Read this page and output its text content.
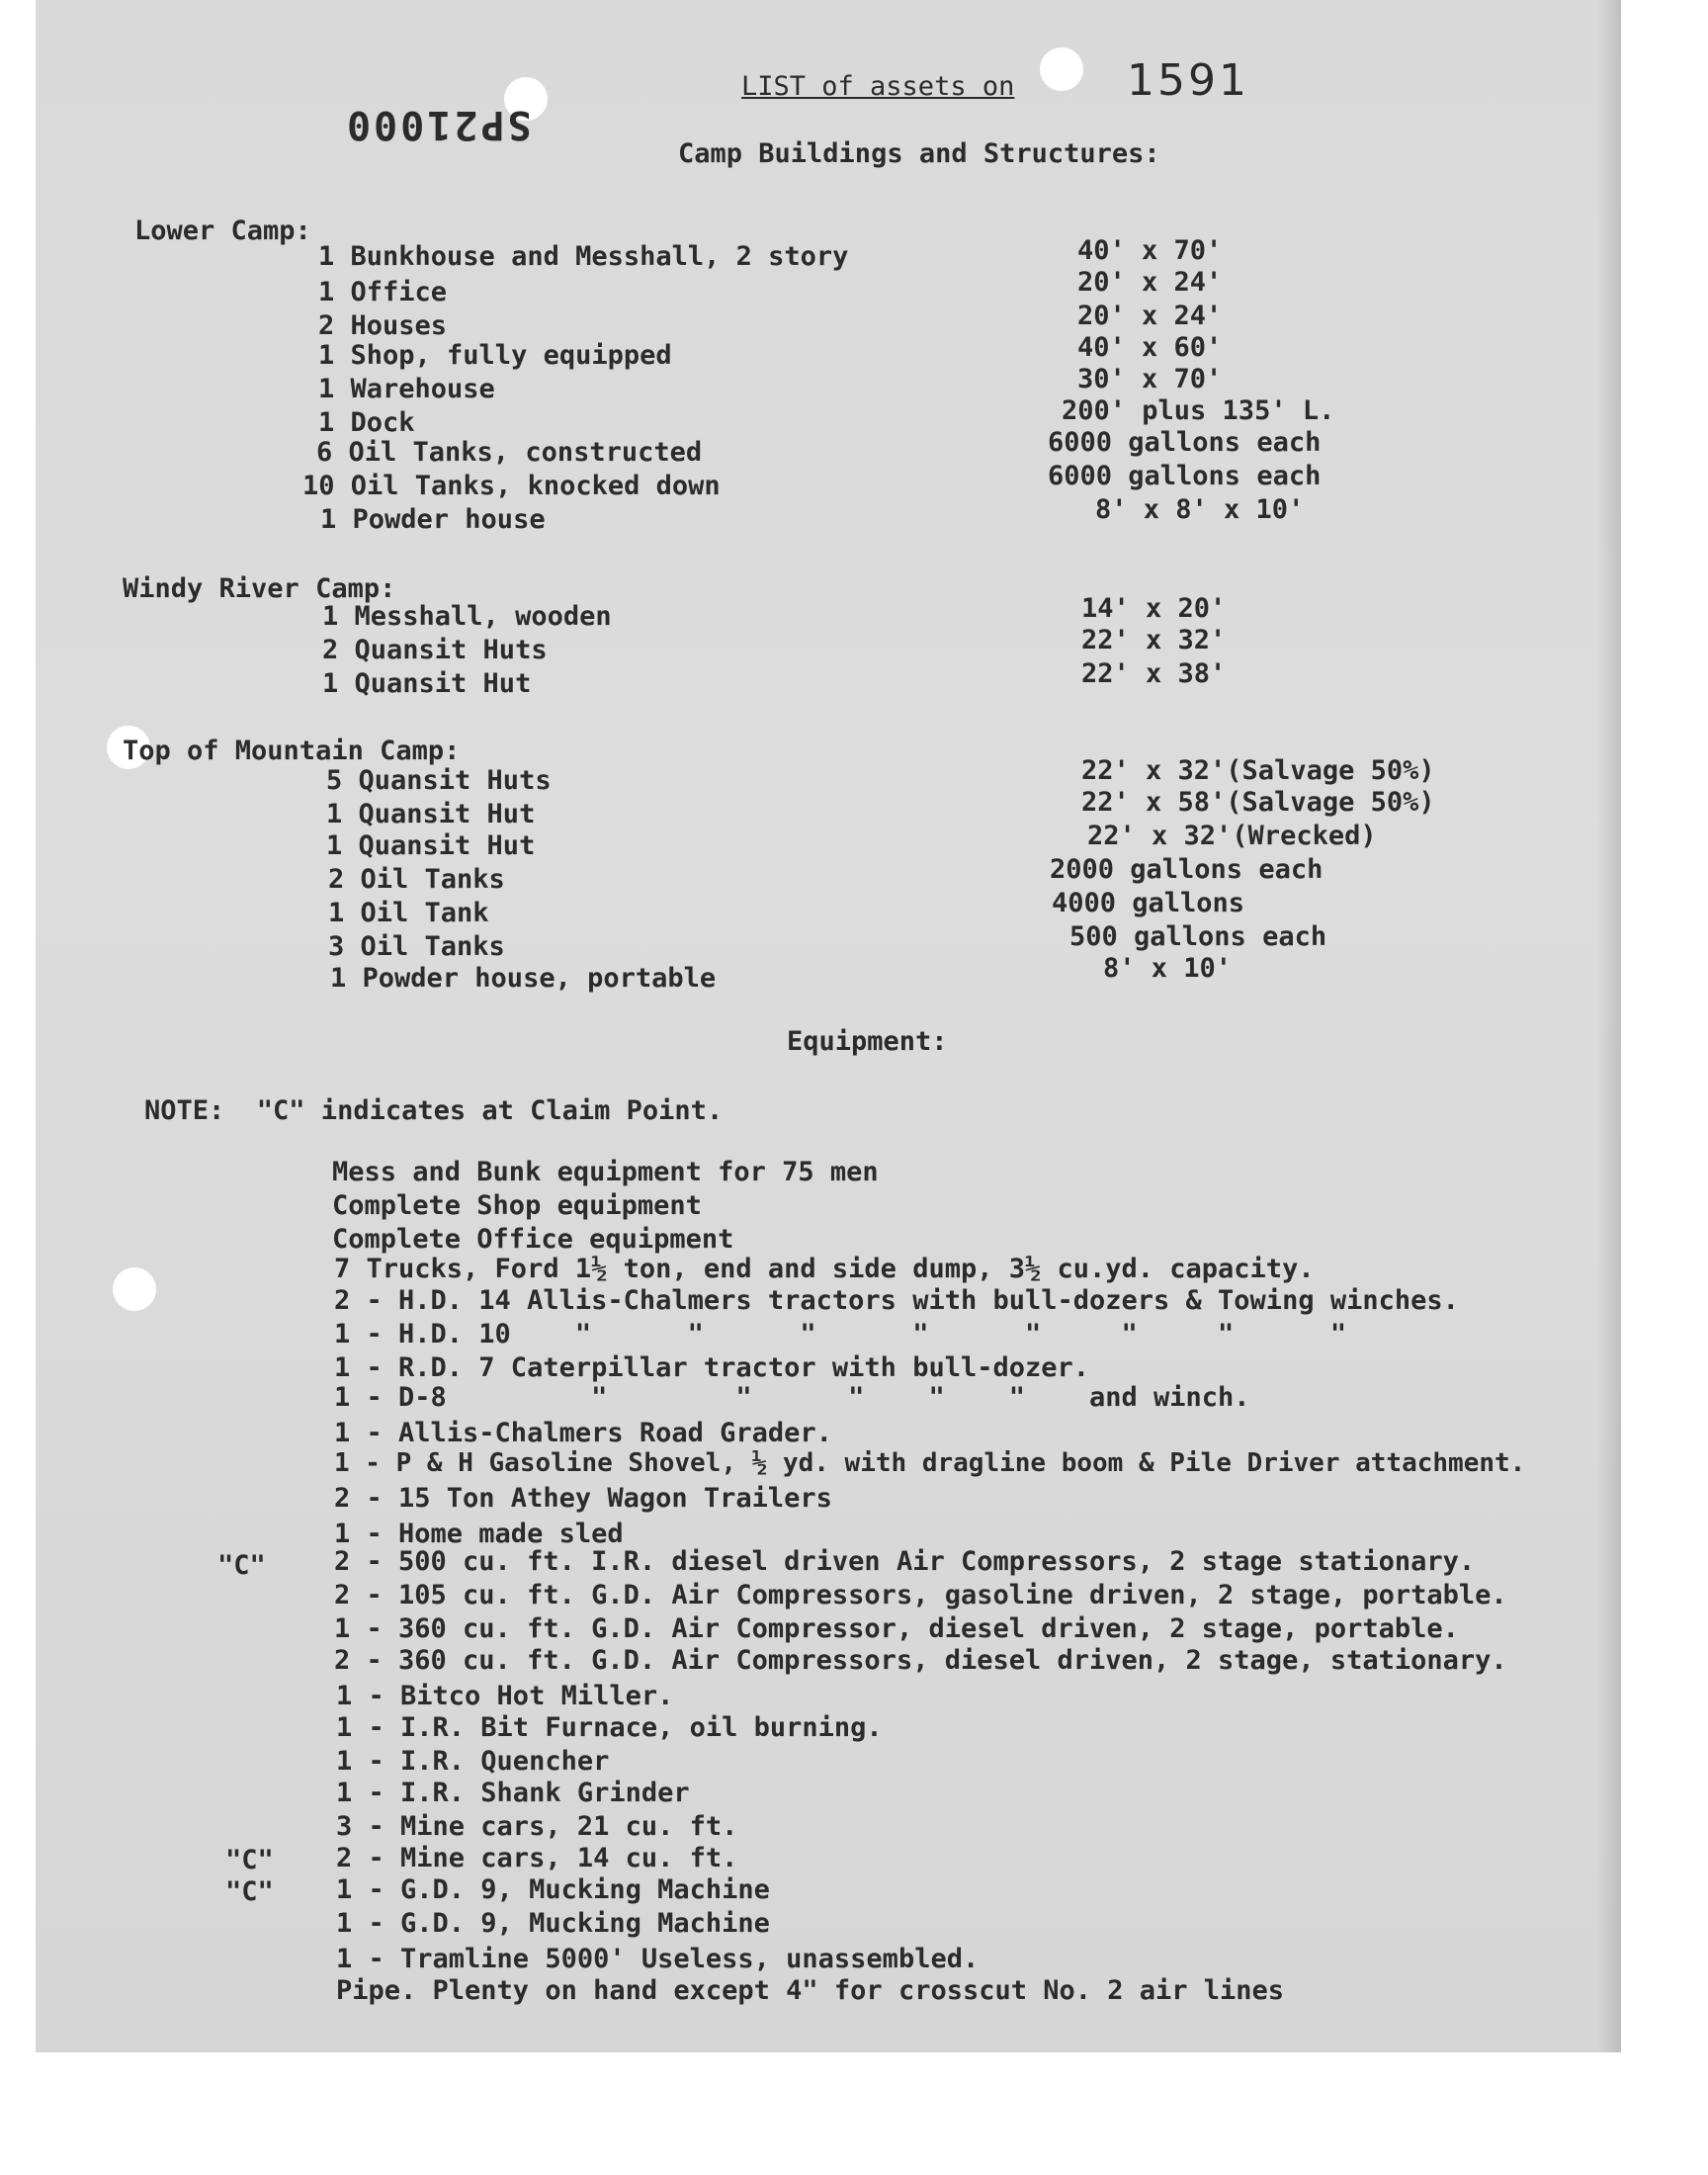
LIST of assets on	1591
SP21000
Camp Buildings and Structures:
Lower Camp:
1 Bunkhouse and Messhall, 2 story	40' x 70'
1 Office	20' x 24'
2 Houses	20' x 24'
1 Shop, fully equipped	40' x 60'
1 Warehouse	30' x 70'
1 Dock	200' plus 135' L.
6 Oil Tanks, constructed	6000 gallons each
10 Oil Tanks, knocked down	6000 gallons each
1 Powder house	8' x 8' x 10'
Windy River Camp:
1 Messhall, wooden	14' x 20'
2 Quansit Huts	22' x 32'
1 Quansit Hut	22' x 38'
Top of Mountain Camp:
5 Quansit Huts	22' x 32'(Salvage 50%)
1 Quansit Hut	22' x 58'(Salvage 50%)
1 Quansit Hut	22' x 32'(Wrecked)
2 Oil Tanks	2000 gallons each
1 Oil Tank	4000 gallons
3 Oil Tanks	500 gallons each
1 Powder house, portable	8' x 10'
Equipment:
NOTE:  "C" indicates at Claim Point.
Mess and Bunk equipment for 75 men
Complete Shop equipment
Complete Office equipment
7 Trucks, Ford 1½ ton, end and side dump, 3½ cu.yd. capacity.
2 - H.D. 14 Allis-Chalmers tractors with bull-dozers & Towing winches.
1 - H.D. 10    "      "      "      "      "     "     "      "
1 - R.D. 7 Caterpillar tractor with bull-dozer.
1 - D-8         "        "      "    "    "    and winch.
1 - Allis-Chalmers Road Grader.
1 - P & H Gasoline Shovel, ½ yd. with dragline boom & Pile Driver attachment.
2 - 15 Ton Athey Wagon Trailers
1 - Home made sled
"C"	2 - 500 cu. ft. I.R. diesel driven Air Compressors, 2 stage stationary.
2 - 105 cu. ft. G.D. Air Compressors, gasoline driven, 2 stage, portable.
1 - 360 cu. ft. G.D. Air Compressor, diesel driven, 2 stage, portable.
2 - 360 cu. ft. G.D. Air Compressors, diesel driven, 2 stage, stationary.
1 - Bitco Hot Miller.
1 - I.R. Bit Furnace, oil burning.
1 - I.R. Quencher
1 - I.R. Shank Grinder
3 - Mine cars, 21 cu. ft.
"C" 2 - Mine cars, 14 cu. ft.
"C" 1 - G.D. 9, Mucking Machine
1 - G.D. 9, Mucking Machine
1 - Tramline 5000' Useless, unassembled.
Pipe. Plenty on hand except 4" for crosscut No. 2 air lines
